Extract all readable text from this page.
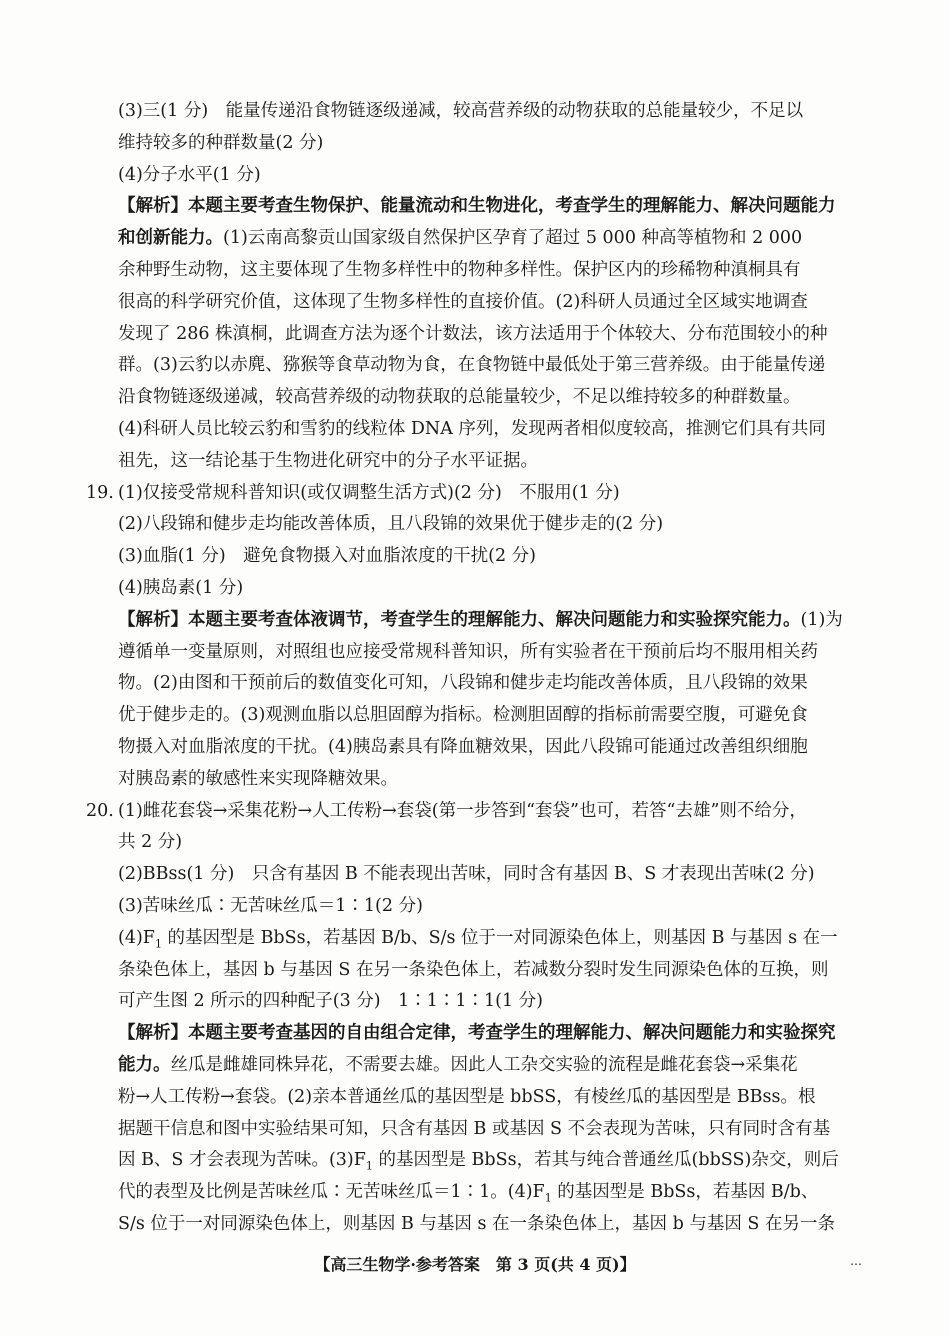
(3)三(1 分)　能量传递沿食物链逐级递减，较高营养级的动物获取的总能量较少，不足以
维持较多的种群数量(2 分)
(4)分子水平(1 分)
【解析】本题主要考查生物保护、能量流动和生物进化，考查学生的理解能力、解决问题能力
和创新能力。(1)云南高黎贡山国家级自然保护区孕育了超过 5 000 种高等植物和 2 000
余种野生动物，这主要体现了生物多样性中的物种多样性。保护区内的珍稀物种滇桐具有
很高的科学研究价值，这体现了生物多样性的直接价值。(2)科研人员通过全区域实地调查
发现了 286 株滇桐，此调查方法为逐个计数法，该方法适用于个体较大、分布范围较小的种
群。(3)云豹以赤麂、猕猴等食草动物为食，在食物链中最低处于第三营养级。由于能量传递
沿食物链逐级递减，较高营养级的动物获取的总能量较少，不足以维持较多的种群数量。
(4)科研人员比较云豹和雪豹的线粒体 DNA 序列，发现两者相似度较高，推测它们具有共同
祖先，这一结论基于生物进化研究中的分子水平证据。
19. (1)仅接受常规科普知识(或仅调整生活方式)(2 分)　不服用(1 分)
(2)八段锦和健步走均能改善体质，且八段锦的效果优于健步走的(2 分)
(3)血脂(1 分)　避免食物摄入对血脂浓度的干扰(2 分)
(4)胰岛素(1 分)
【解析】本题主要考查体液调节，考查学生的理解能力、解决问题能力和实验探究能力。(1)为
遵循单一变量原则，对照组也应接受常规科普知识，所有实验者在干预前后均不服用相关药
物。(2)由图和干预前后的数值变化可知，八段锦和健步走均能改善体质，且八段锦的效果
优于健步走的。(3)观测血脂以总胆固醇为指标。检测胆固醇的指标前需要空腹，可避免食
物摄入对血脂浓度的干扰。(4)胰岛素具有降血糖效果，因此八段锦可能通过改善组织细胞
对胰岛素的敏感性来实现降糖效果。
20. (1)雌花套袋→采集花粉→人工传粉→套袋(第一步答到“套袋”也可，若答“去雄”则不给分，
共 2 分)
(2)BBss(1 分)　只含有基因 B 不能表现出苦味，同时含有基因 B、S 才表现出苦味(2 分)
(3)苦味丝瓜∶无苦味丝瓜＝1∶1(2 分)
$(4)F_1$ 的基因型是 BbSs，若基因 B/b、S/s 位于一对同源染色体上，则基因 B 与基因 s 在一
条染色体上，基因 b 与基因 S 在另一条染色体上，若减数分裂时发生同源染色体的互换，则
可产生图 2 所示的四种配子(3 分)　1∶1∶1∶1(1 分)
【解析】本题主要考查基因的自由组合定律，考查学生的理解能力、解决问题能力和实验探究
能力。丝瓜是雌雄同株异花，不需要去雄。因此人工杂交实验的流程是雌花套袋→采集花
粉→人工传粉→套袋。(2)亲本普通丝瓜的基因型是 bbSS，有棱丝瓜的基因型是 BBss。根
据题干信息和图中实验结果可知，只含有基因 B 或基因 S 不会表现为苦味，只有同时含有基
因 B、S 才会表现为苦味。$(3)F_1$ 的基因型是 BbSs，若其与纯合普通丝瓜(bbSS)杂交，则后
代的表型及比例是苦味丝瓜∶无苦味丝瓜＝1∶1。$(4)F_1$ 的基因型是 BbSs，若基因 B/b、
S/s 位于一对同源染色体上，则基因 B 与基因 s 在一条染色体上，基因 b 与基因 S 在另一条
【高三生物学·参考答案　第 3 页(共 4 页)】	…
